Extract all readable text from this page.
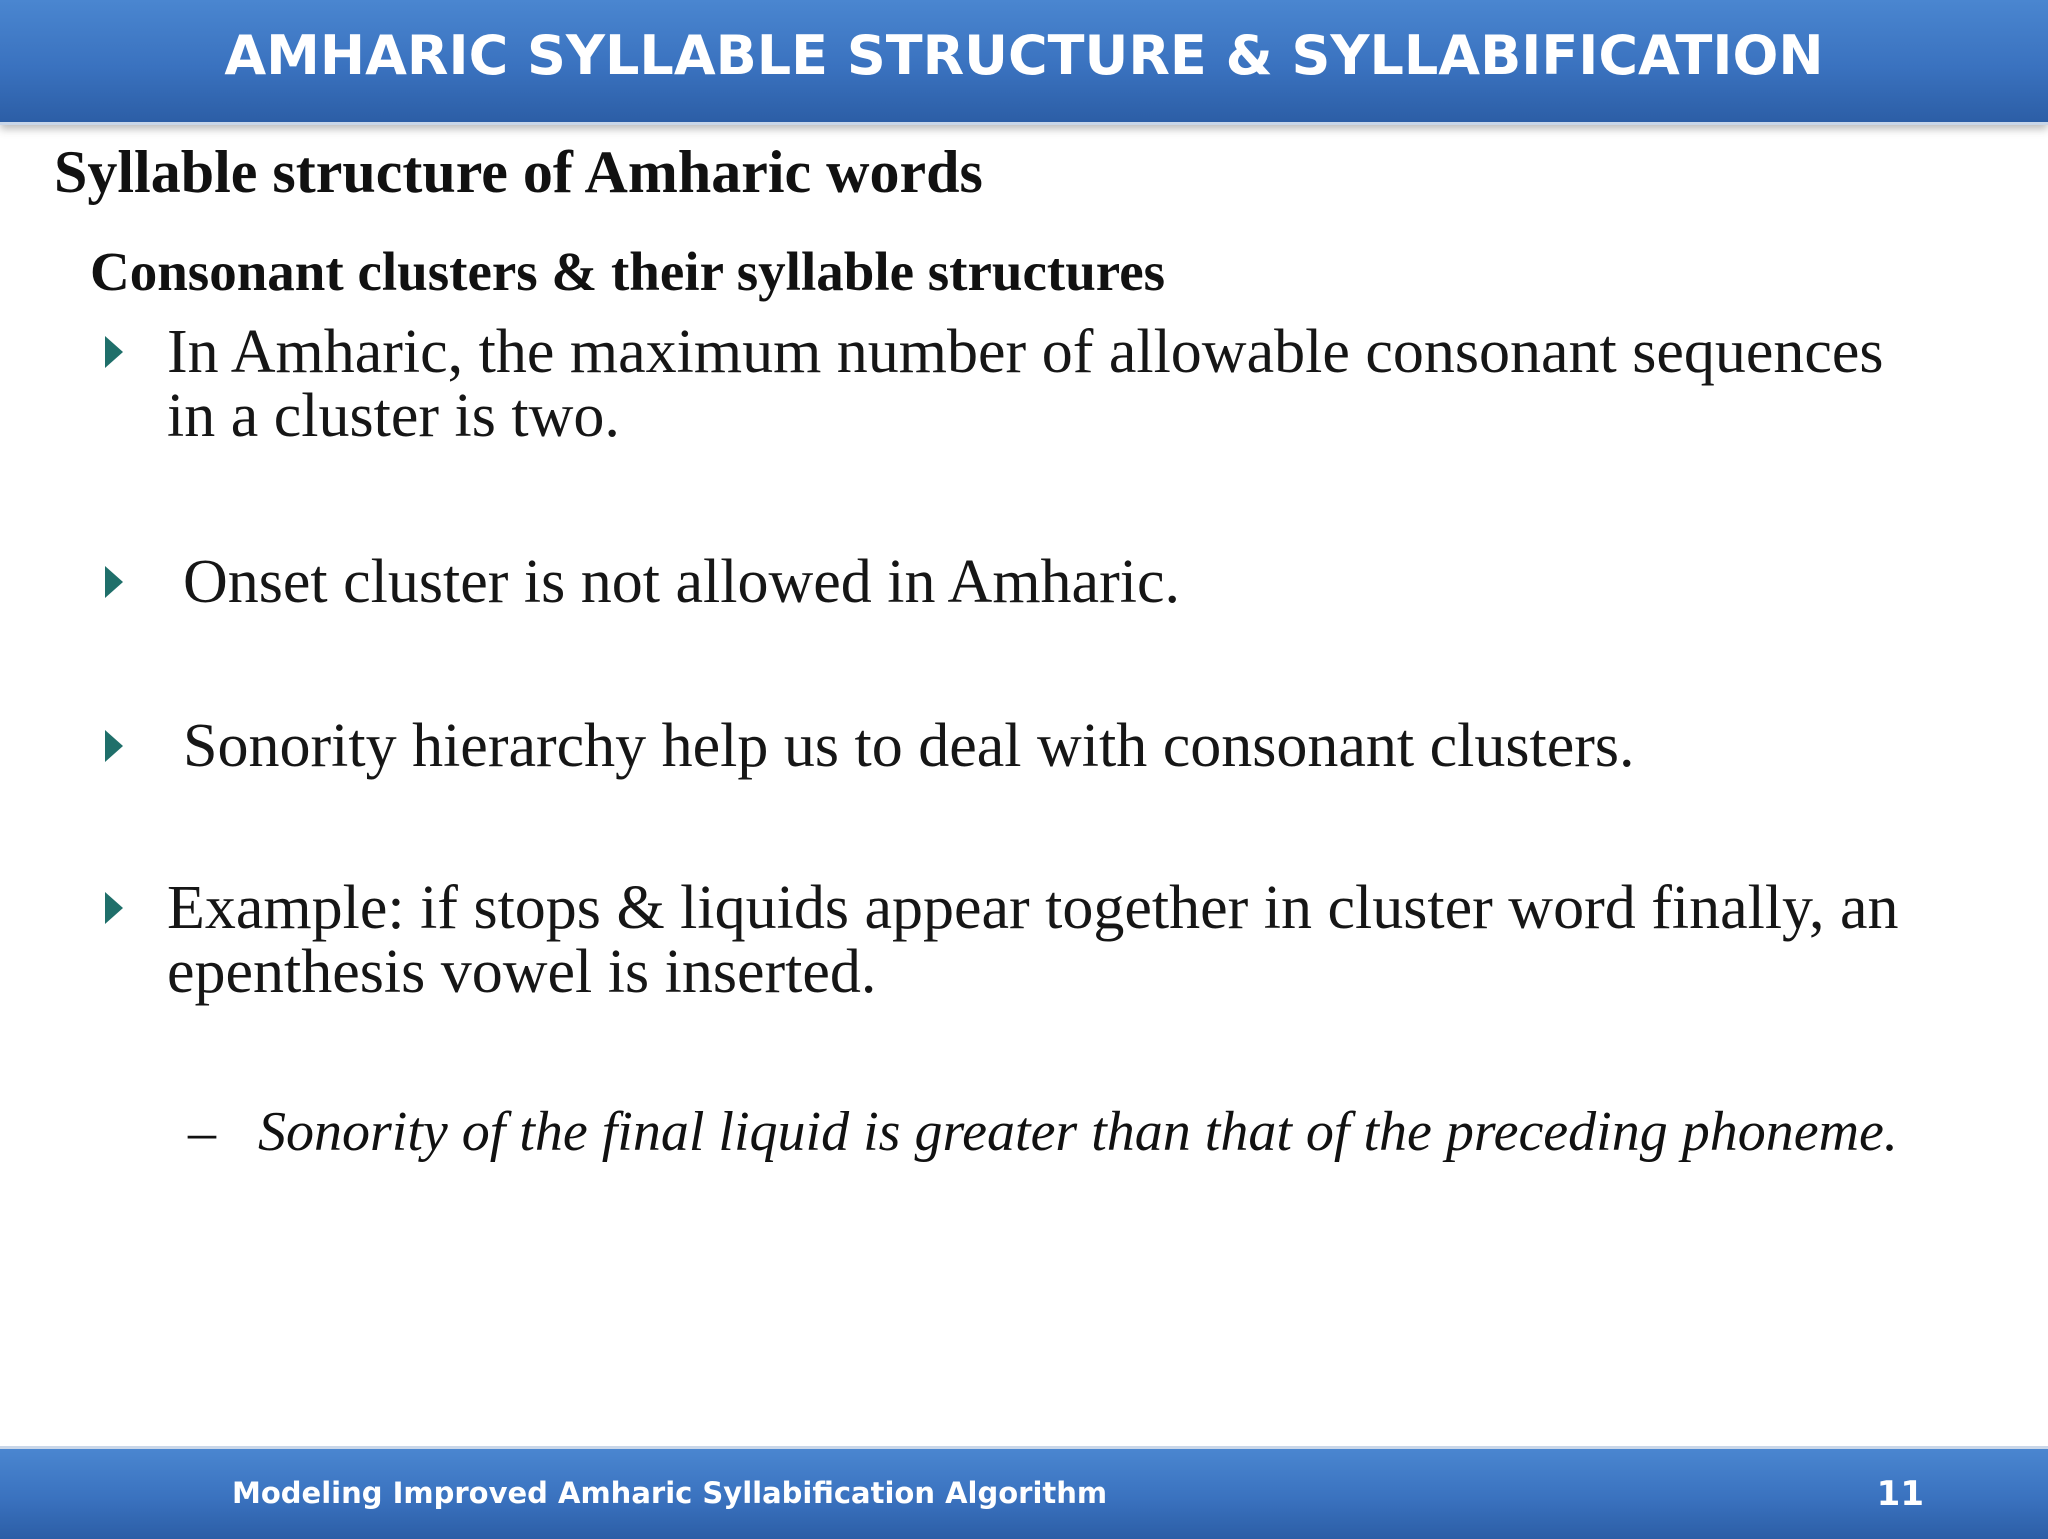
AMHARIC SYLLABLE STRUCTURE & SYLLABIFICATION
Syllable structure of Amharic words
Consonant clusters & their syllable structures
In Amharic, the maximum number of allowable consonant sequences in a cluster is two.
Onset cluster is not allowed in Amharic.
Sonority hierarchy help us to deal with consonant clusters.
Example: if stops & liquids appear together in cluster word finally, an epenthesis vowel is inserted.
– Sonority of the final liquid is greater than that of the preceding phoneme.
Modeling Improved Amharic Syllabification Algorithm	11
